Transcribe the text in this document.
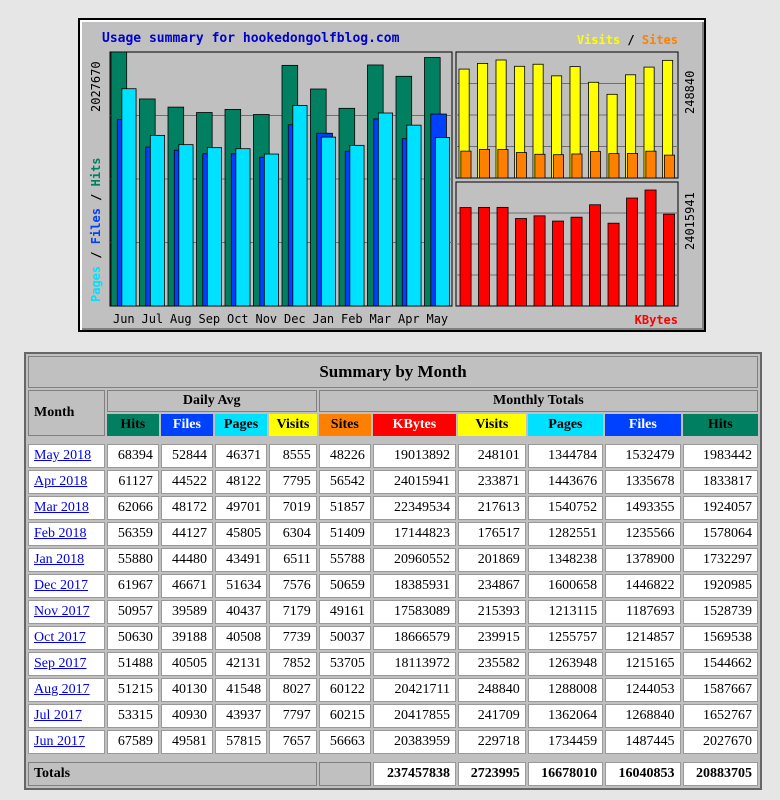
Usage summary for hookedongolfblog.com
Jun Jul Aug Sep Oct Nov Dec Jan Feb Mar Apr May
2027670
Pages / Files / Hits
248840
Visits / Sites
24015941
KBytes
Summary by Month										
Month	Daily Avg				Monthly Totals					
	Hits	Files	Pages	Visits	Sites	KBytes	Visits	Pages	Files	Hits

May 2018	68394	52844	46371	8555	48226	19013892	248101	1344784	1532479	1983442
Apr 2018	61127	44522	48122	7795	56542	24015941	233871	1443676	1335678	1833817
Mar 2018	62066	48172	49701	7019	51857	22349534	217613	1540752	1493355	1924057
Feb 2018	56359	44127	45805	6304	51409	17144823	176517	1282551	1235566	1578064
Jan 2018	55880	44480	43491	6511	55788	20960552	201869	1348238	1378900	1732297
Dec 2017	61967	46671	51634	7576	50659	18385931	234867	1600658	1446822	1920985
Nov 2017	50957	39589	40437	7179	49161	17583089	215393	1213115	1187693	1528739
Oct 2017	50630	39188	40508	7739	50037	18666579	239915	1255757	1214857	1569538
Sep 2017	51488	40505	42131	7852	53705	18113972	235582	1263948	1215165	1544662
Aug 2017	51215	40130	41548	8027	60122	20421711	248840	1288008	1244053	1587667
Jul 2017	53315	40930	43937	7797	60215	20417855	241709	1362064	1268840	1652767
Jun 2017	67589	49581	57815	7657	56663	20383959	229718	1734459	1487445	2027670

Totals						237457838	2723995	16678010	16040853	20883705
